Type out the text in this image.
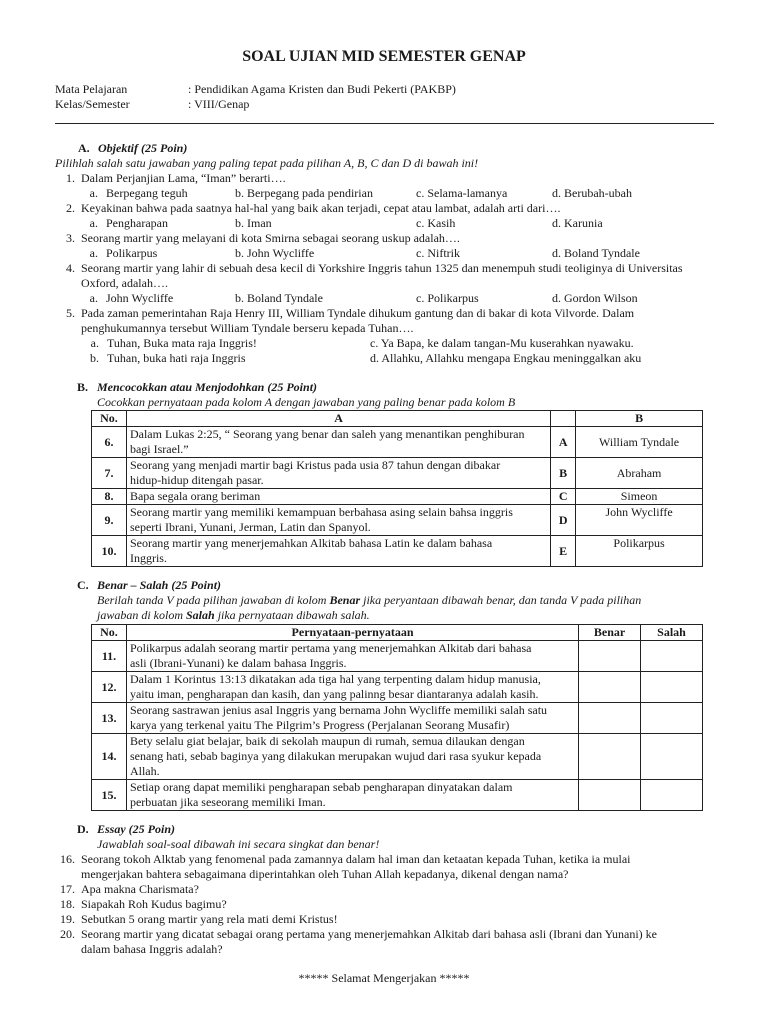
SOAL UJIAN MID SEMESTER GENAP
Mata Pelajaran	: Pendidikan Agama Kristen dan Budi Pekerti (PAKBP)
Kelas/Semester	: VIII/Genap
A. Objektif (25 Poin)
Pilihlah salah satu jawaban yang paling tepat pada pilihan A, B, C dan D di bawah ini!
1. Dalam Perjanjian Lama, “Iman” berarti….
a. Berpegang teguh	b. Berpegang pada pendirian	c. Selama-lamanya	d. Berubah-ubah
2. Keyakinan bahwa pada saatnya hal-hal yang baik akan terjadi, cepat atau lambat, adalah arti dari….
a. Pengharapan	b. Iman	c. Kasih	d. Karunia
3. Seorang martir yang melayani di kota Smirna sebagai seorang uskup adalah….
a. Polikarpus	b. John Wycliffe	c. Niftrik	d. Boland Tyndale
4. Seorang martir yang lahir di sebuah desa kecil di Yorkshire Inggris tahun 1325 dan menempuh studi teoliginya di Universitas
Oxford, adalah….
a. John Wycliffe	b. Boland Tyndale	c. Polikarpus	d. Gordon Wilson
5. Pada zaman pemerintahan Raja Henry III, William Tyndale dihukum gantung dan di bakar di kota Vilvorde. Dalam
penghukumannya tersebut William Tyndale berseru kepada Tuhan….
a. Tuhan, Buka mata raja Inggris!	c. Ya Bapa, ke dalam tangan-Mu kuserahkan nyawaku.
b. Tuhan, buka hati raja Inggris	d. Allahku, Allahku mengapa Engkau meninggalkan aku
B. Mencocokkan atau Menjodohkan (25 Point)
Cocokkan pernyataan pada kolom A dengan jawaban yang paling benar pada kolom B
No.	A		B
6.	Dalam Lukas 2:25, “ Seorang yang benar dan saleh yang menantikan penghiburan
bagi Israel.”	A	William Tyndale
7.	Seorang yang menjadi martir bagi Kristus pada usia 87 tahun dengan dibakar
hidup-hidup ditengah pasar.	B	Abraham
8.	Bapa segala orang beriman	C	Simeon
9.	Seorang martir yang memiliki kemampuan berbahasa asing selain bahsa inggris
seperti Ibrani, Yunani, Jerman, Latin dan Spanyol.	D	John Wycliffe
10.	Seorang martir yang menerjemahkan Alkitab bahasa Latin ke dalam bahasa
Inggris.	E	Polikarpus
C. Benar – Salah (25 Point)
Berilah tanda V pada pilihan jawaban di kolom Benar jika peryantaan dibawah benar, dan tanda V pada pilihan
jawaban di kolom Salah jika pernyataan dibawah salah.
No.	Pernyataan-pernyataan	Benar	Salah
11.	Polikarpus adalah seorang martir pertama yang menerjemahkan Alkitab dari bahasa
asli (Ibrani-Yunani) ke dalam bahasa Inggris.		
12.	Dalam 1 Korintus 13:13 dikatakan ada tiga hal yang terpenting dalam hidup manusia,
yaitu iman, pengharapan dan kasih, dan yang palinng besar diantaranya adalah kasih.		
13.	Seorang sastrawan jenius asal Inggris yang bernama John Wycliffe memiliki salah satu
karya yang terkenal yaitu The Pilgrim’s Progress (Perjalanan Seorang Musafir)		
14.	Bety selalu giat belajar, baik di sekolah maupun di rumah, semua dilaukan dengan
senang hati, sebab baginya yang dilakukan merupakan wujud dari rasa syukur kepada
Allah.		
15.	Setiap orang dapat memiliki pengharapan sebab pengharapan dinyatakan dalam
perbuatan jika seseorang memiliki Iman.		
D. Essay (25 Poin)
Jawablah soal-soal dibawah ini secara singkat dan benar!
16. Seorang tokoh Alktab yang fenomenal pada zamannya dalam hal iman dan ketaatan kepada Tuhan, ketika ia mulai
mengerjakan bahtera sebagaimana diperintahkan oleh Tuhan Allah kepadanya, dikenal dengan nama?
17. Apa makna Charismata?
18. Siapakah Roh Kudus bagimu?
19. Sebutkan 5 orang martir yang rela mati demi Kristus!
20. Seorang martir yang dicatat sebagai orang pertama yang menerjemahkan Alkitab dari bahasa asli (Ibrani dan Yunani) ke
dalam bahasa Inggris adalah?
***** Selamat Mengerjakan *****
